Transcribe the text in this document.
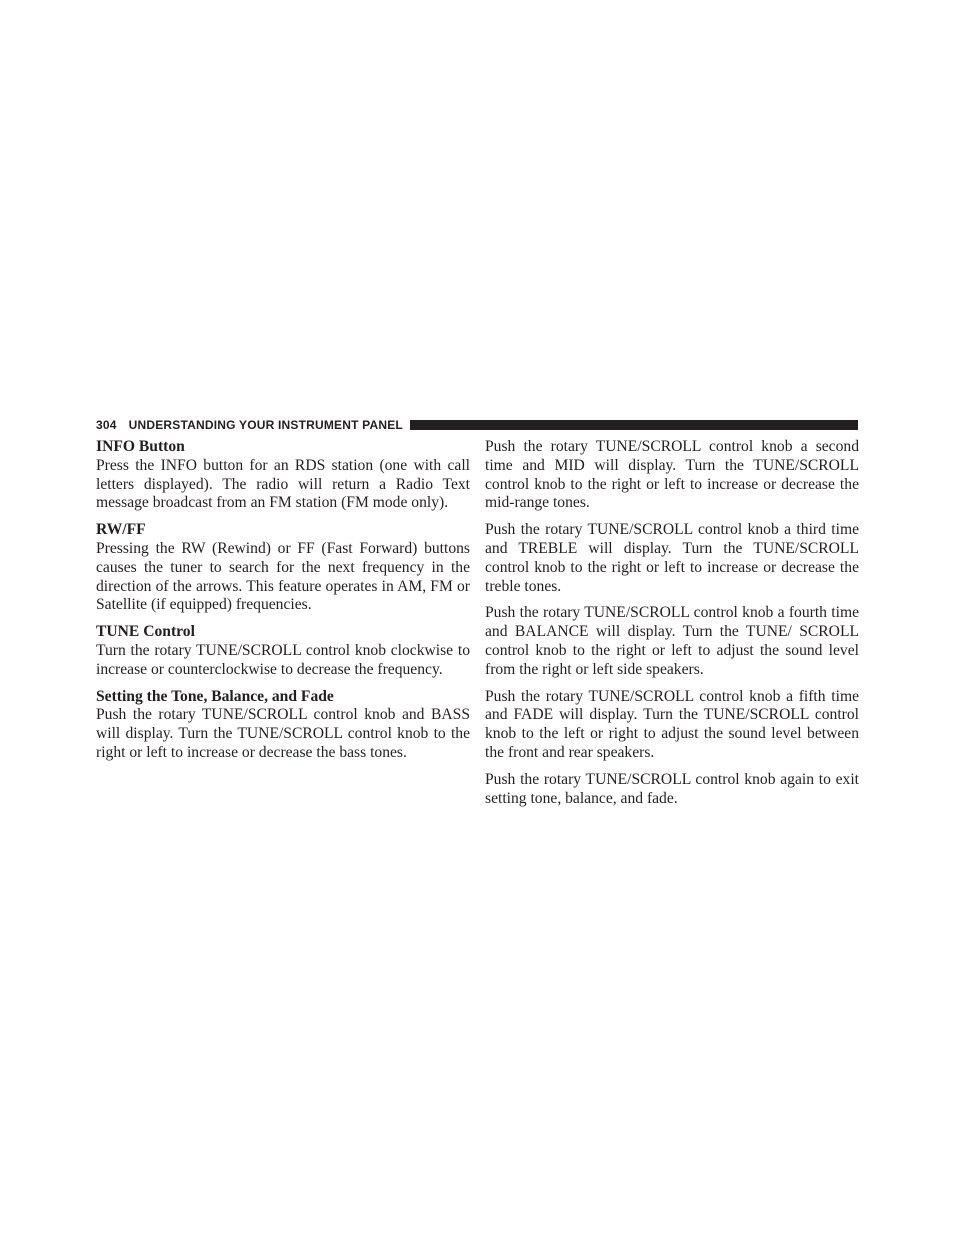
304 UNDERSTANDING YOUR INSTRUMENT PANEL

INFO Button

Press the INFO button for an RDS station (one with call letters displayed). The radio will return a Radio Text message broadcast from an FM station (FM mode only).

RW/FF

Pressing the RW (Rewind) or FF (Fast Forward) buttons causes the tuner to search for the next frequency in the direction of the arrows. This feature operates in AM, FM or Satellite (if equipped) frequencies.

TUNE Control

Turn the rotary TUNE/SCROLL control knob clockwise to increase or counterclockwise to decrease the frequency.

Setting the Tone, Balance, and Fade

Push the rotary TUNE/SCROLL control knob and BASS will display. Turn the TUNE/SCROLL control knob to the right or left to increase or decrease the bass tones.

Push the rotary TUNE/SCROLL control knob a second time and MID will display. Turn the TUNE/SCROLL control knob to the right or left to increase or decrease the mid-range tones.

Push the rotary TUNE/SCROLL control knob a third time and TREBLE will display. Turn the TUNE/SCROLL control knob to the right or left to increase or decrease the treble tones.

Push the rotary TUNE/SCROLL control knob a fourth time and BALANCE will display. Turn the TUNE/ SCROLL control knob to the right or left to adjust the sound level from the right or left side speakers.

Push the rotary TUNE/SCROLL control knob a fifth time and FADE will display. Turn the TUNE/SCROLL control knob to the left or right to adjust the sound level between the front and rear speakers.

Push the rotary TUNE/SCROLL control knob again to exit setting tone, balance, and fade.
